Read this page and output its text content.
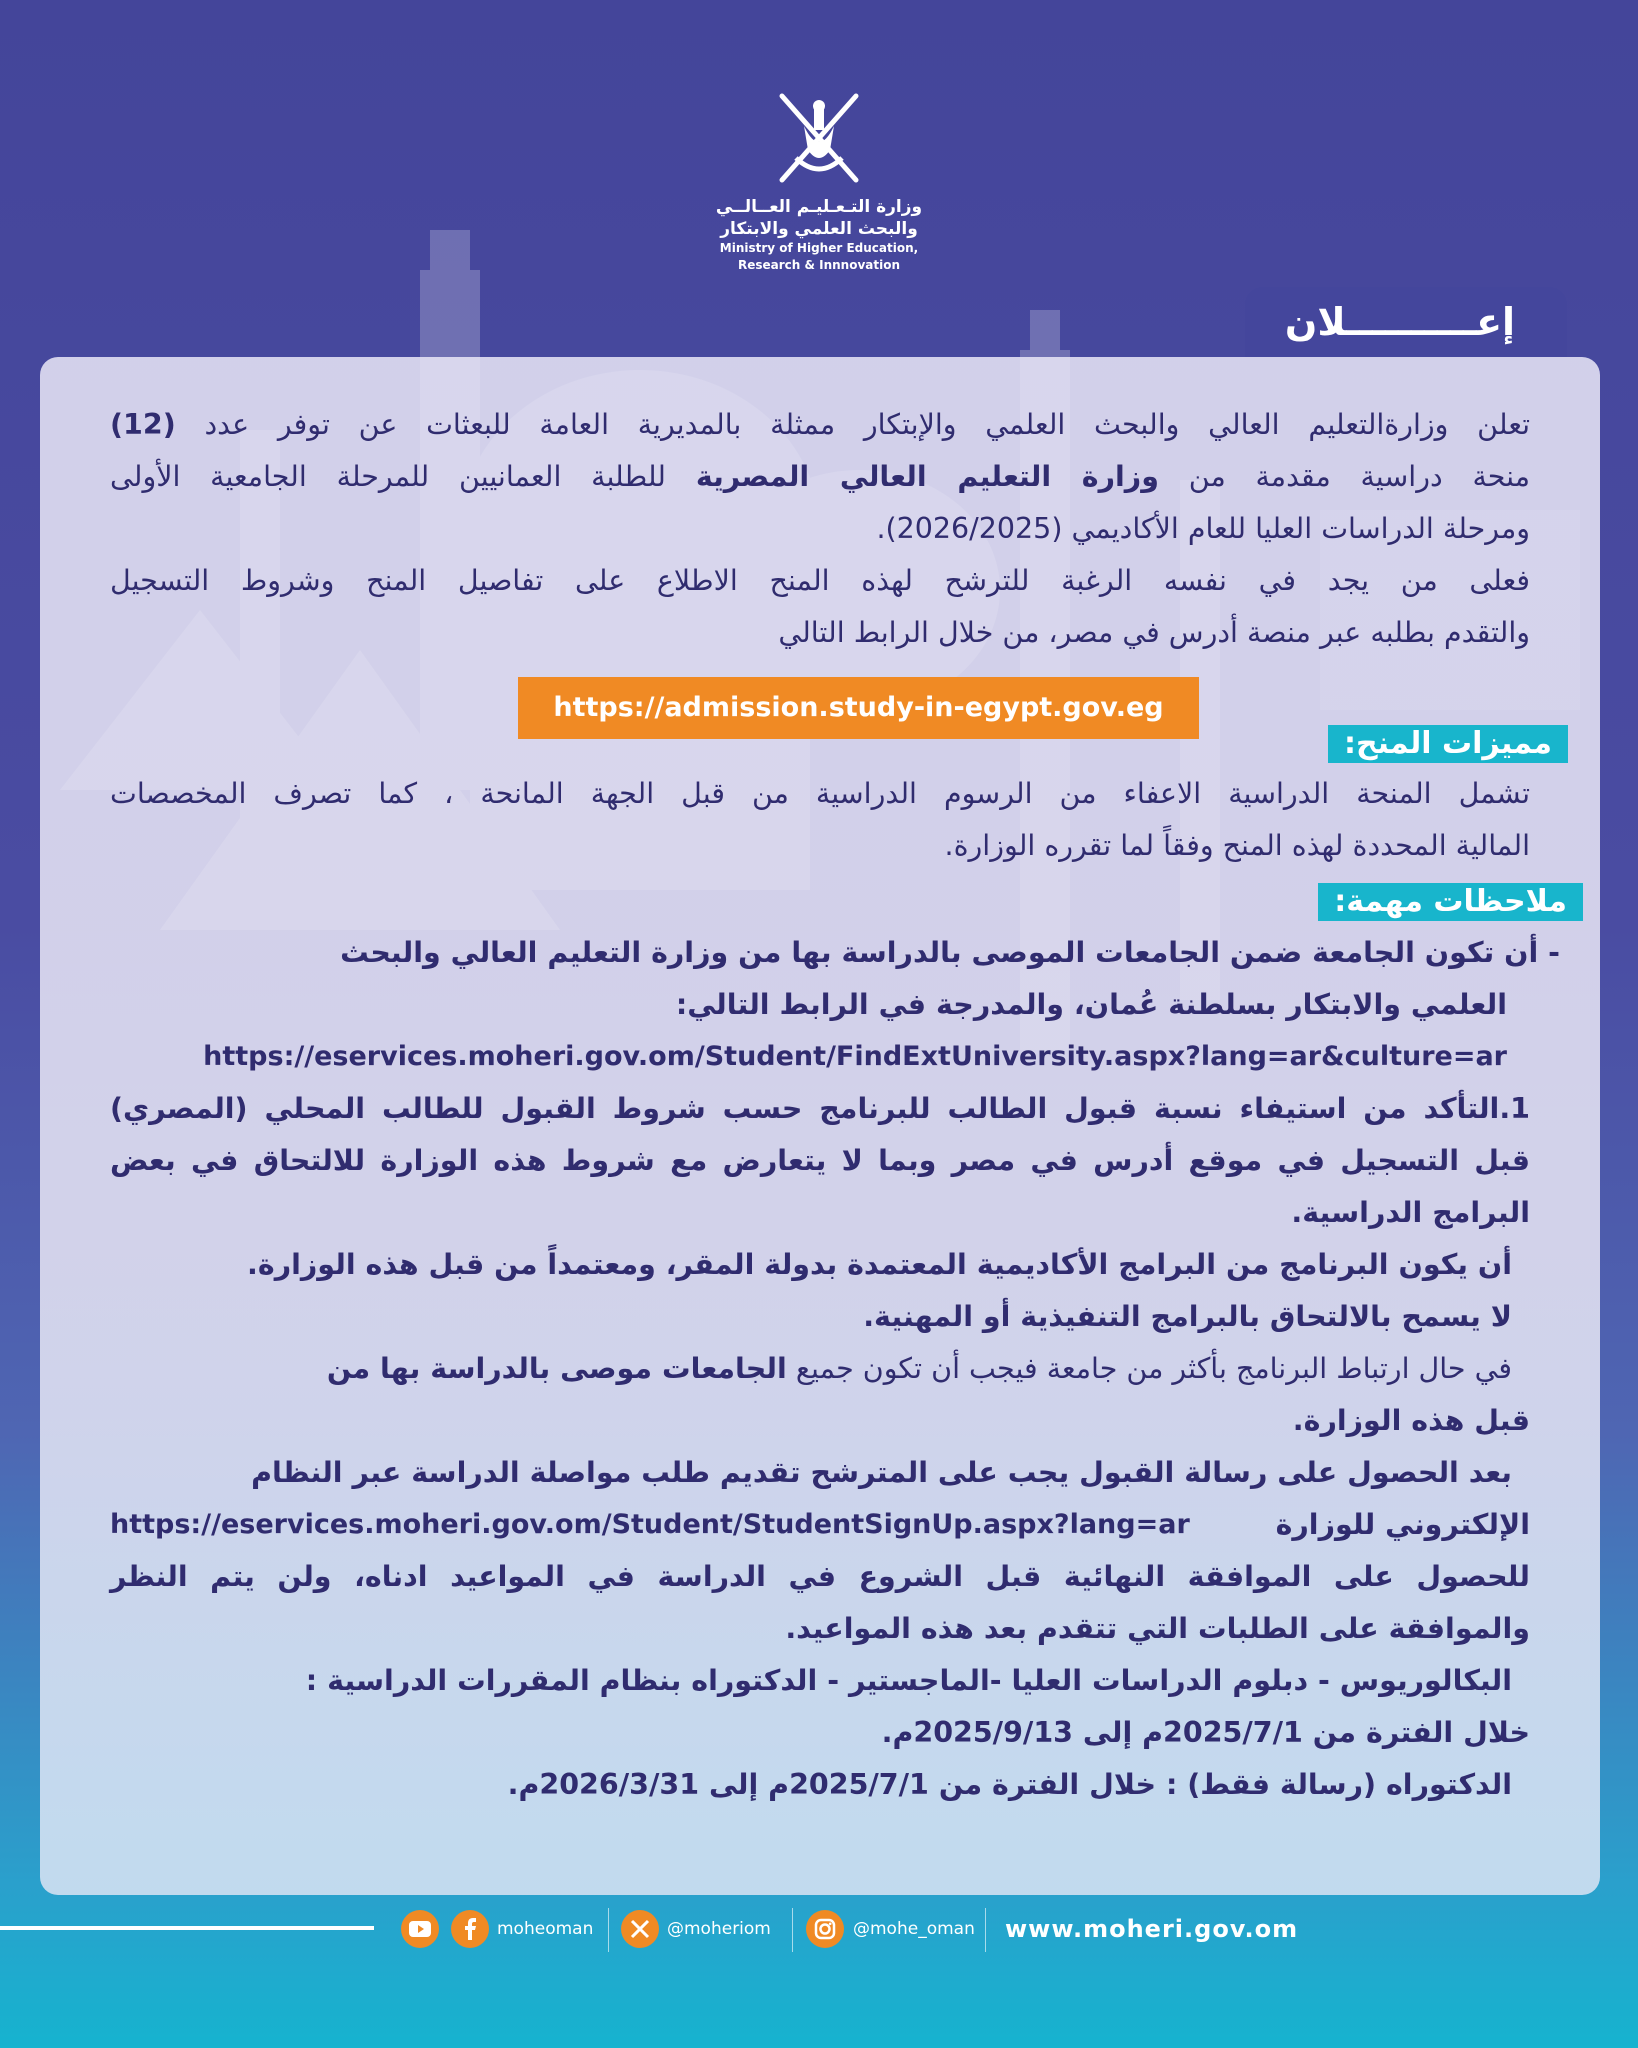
وزارة التـعـليـم العــالــي
والبحث العلمي والابتكار
Ministry of Higher Education,
Research & Innnovation
تعلن وزارةالتعليم العالي والبحث العلمي والإبتكار ممثلة بالمديرية العامة للبعثات عن توفر عدد (12)
منحة دراسية مقدمة من وزارة التعليم العالي المصرية للطلبة العمانيين للمرحلة الجامعية الأولى
ومرحلة الدراسات العليا للعام الأكاديمي (2026/2025).
فعلى من يجد في نفسه الرغبة للترشح لهذه المنح الاطلاع على تفاصيل المنح وشروط التسجيل
والتقدم بطلبه عبر منصة أدرس في مصر، من خلال الرابط التالي
تشمل المنحة الدراسية الاعفاء من الرسوم الدراسية من قبل الجهة المانحة ، كما تصرف المخصصات
المالية المحددة لهذه المنح وفقاً لما تقرره الوزارة.
- أن تكون الجامعة ضمن الجامعات الموصى بالدراسة بها من وزارة التعليم العالي والبحث
العلمي والابتكار بسلطنة عُمان، والمدرجة في الرابط التالي:
https://eservices.moheri.gov.om/Student/FindExtUniversity.aspx?lang=ar&culture=ar
1.التأكد من استيفاء نسبة قبول الطالب للبرنامج حسب شروط القبول للطالب المحلي (المصري)
قبل التسجيل في موقع أدرس في مصر وبما لا يتعارض مع شروط هذه الوزارة للالتحاق في بعض
البرامج الدراسية.
أن يكون البرنامج من البرامج الأكاديمية المعتمدة بدولة المقر، ومعتمداً من قبل هذه الوزارة.
لا يسمح بالالتحاق بالبرامج التنفيذية أو المهنية.
في حال ارتباط البرنامج بأكثر من جامعة فيجب أن تكون جميع الجامعات موصى بالدراسة بها من
قبل هذه الوزارة.
بعد الحصول على رسالة القبول يجب على المترشح تقديم طلب مواصلة الدراسة عبر النظام
الإلكتروني للوزارة
https://eservices.moheri.gov.om/Student/StudentSignUp.aspx?lang=ar
للحصول على الموافقة النهائية قبل الشروع في الدراسة في المواعيد ادناه، ولن يتم النظر
والموافقة على الطلبات التي تتقدم بعد هذه المواعيد.
البكالوريوس - دبلوم الدراسات العليا -الماجستير - الدكتوراه بنظام المقررات الدراسية :
خلال الفترة من 2025/7/1م إلى 2025/9/13م.
الدكتوراه (رسالة فقط) : خلال الفترة من 2025/7/1م إلى 2026/3/31م.
إعــــــــــلان
https://admission.study-in-egypt.gov.eg
مميزات المنح:
ملاحظات مهمة:
moheoman	@moheriom	@mohe_oman www.moheri.gov.om
